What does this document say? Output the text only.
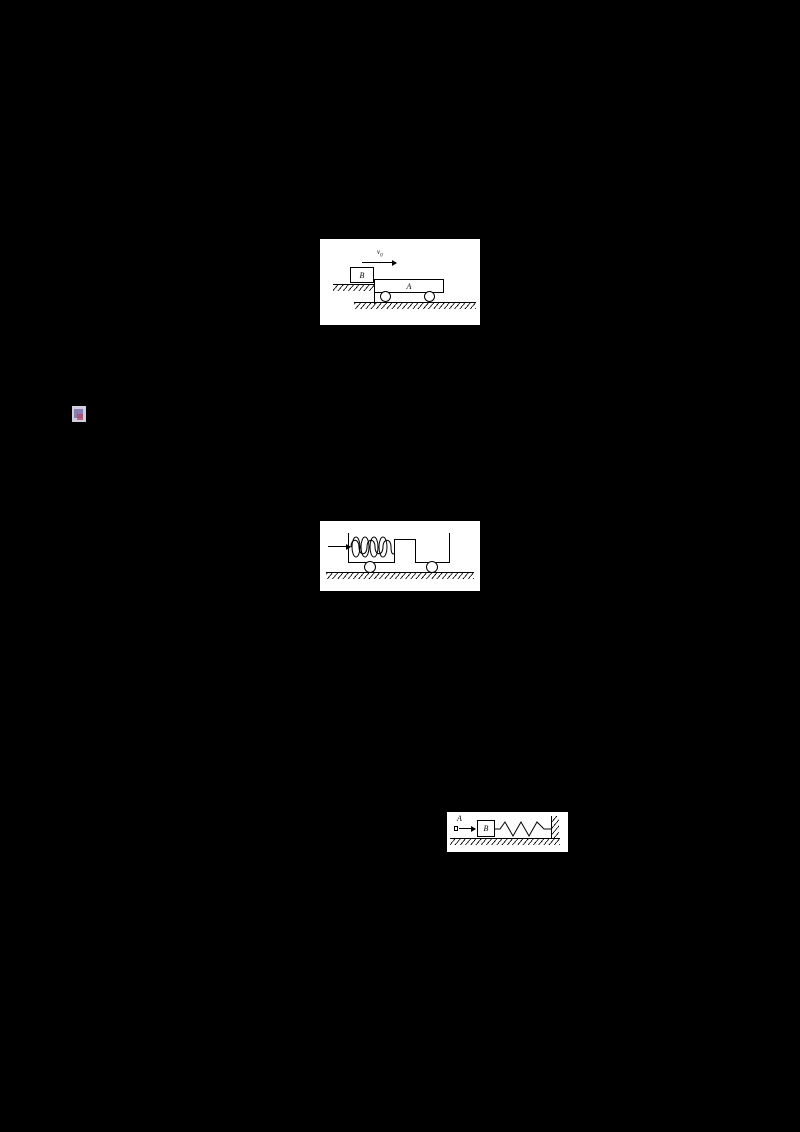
$v_0$
B
A
A
B
